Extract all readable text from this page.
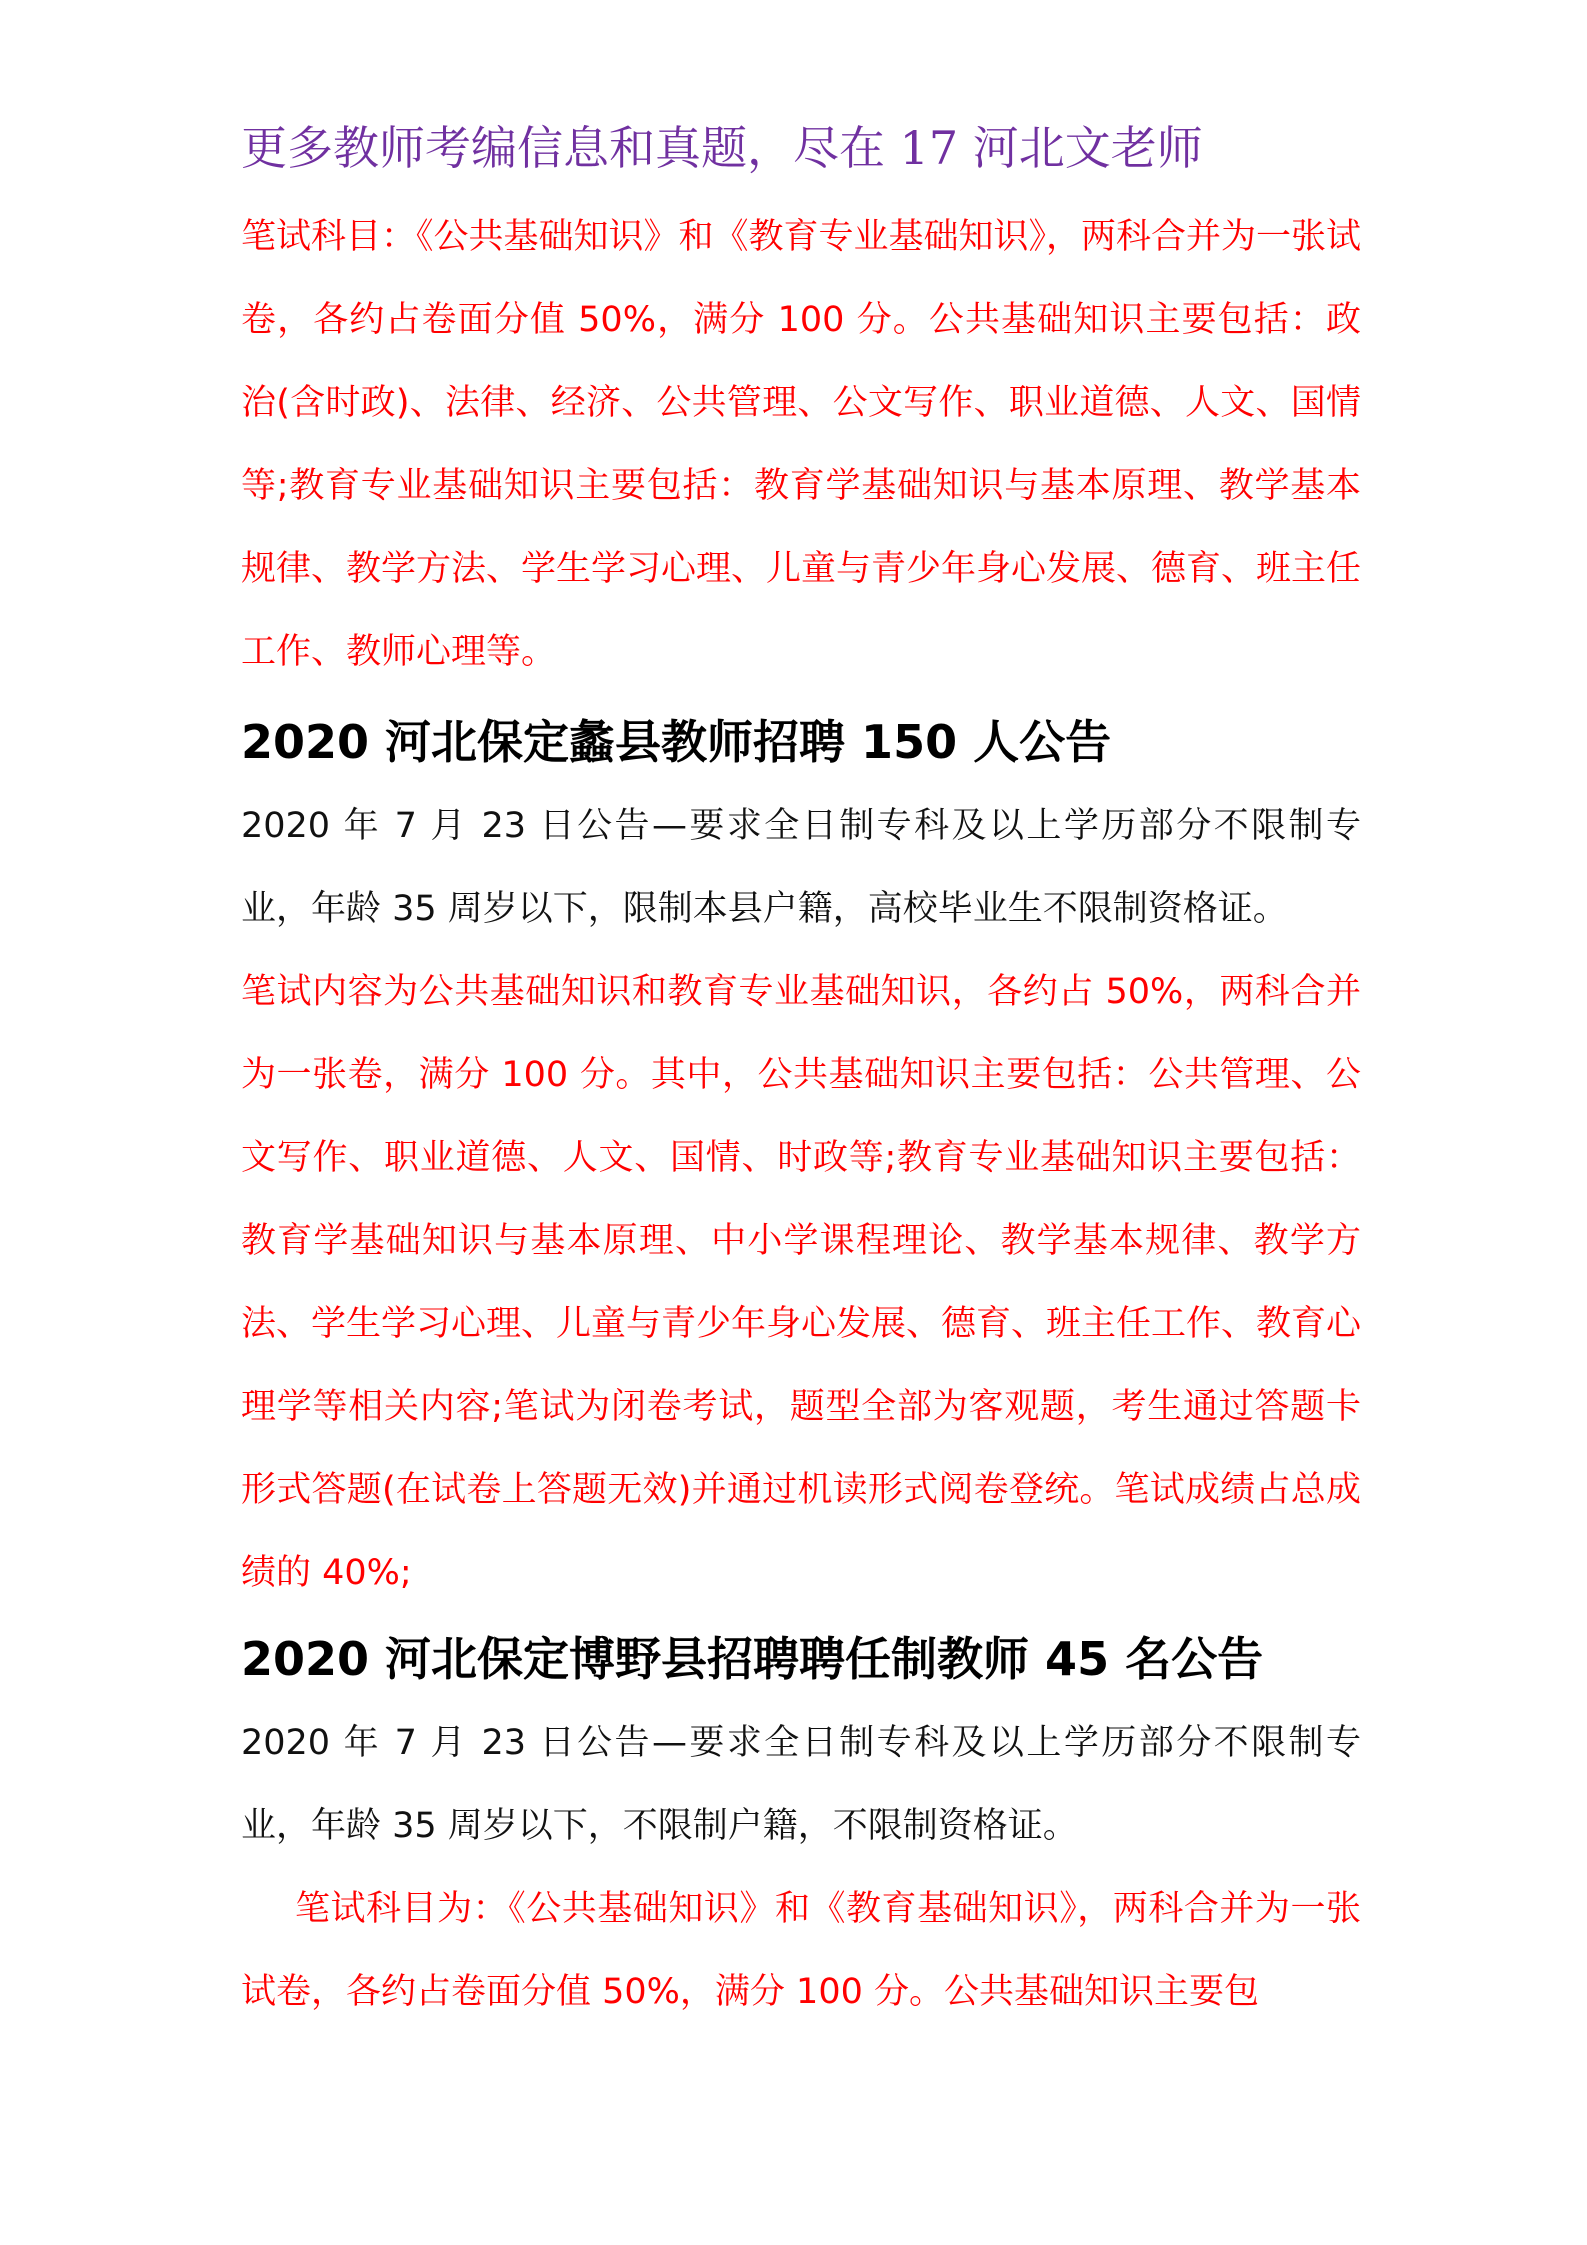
更多教师考编信息和真题，尽在 17 河北文老师

笔试科目：《公共基础知识》和《教育专业基础知识》，两科合并为一张试卷，各约占卷面分值 50%，满分 100 分。公共基础知识主要包括：政治(含时政)、法律、经济、公共管理、公文写作、职业道德、人文、国情等;教育专业基础知识主要包括：教育学基础知识与基本原理、教学基本规律、教学方法、学生学习心理、儿童与青少年身心发展、德育、班主任工作、教师心理等。

2020 河北保定蠡县教师招聘 150 人公告

2020 年 7 月 23 日公告—要求全日制专科及以上学历部分不限制专业，年龄 35 周岁以下，限制本县户籍，高校毕业生不限制资格证。

笔试内容为公共基础知识和教育专业基础知识，各约占 50%，两科合并为一张卷，满分 100 分。其中，公共基础知识主要包括：公共管理、公文写作、职业道德、人文、国情、时政等;教育专业基础知识主要包括：教育学基础知识与基本原理、中小学课程理论、教学基本规律、教学方法、学生学习心理、儿童与青少年身心发展、德育、班主任工作、教育心理学等相关内容;笔试为闭卷考试，题型全部为客观题，考生通过答题卡形式答题(在试卷上答题无效)并通过机读形式阅卷登统。笔试成绩占总成绩的 40%;

2020 河北保定博野县招聘聘任制教师 45 名公告

2020 年 7 月 23 日公告—要求全日制专科及以上学历部分不限制专业，年龄 35 周岁以下，不限制户籍，不限制资格证。

笔试科目为：《公共基础知识》和《教育基础知识》，两科合并为一张试卷，各约占卷面分值 50%，满分 100 分。公共基础知识主要包
